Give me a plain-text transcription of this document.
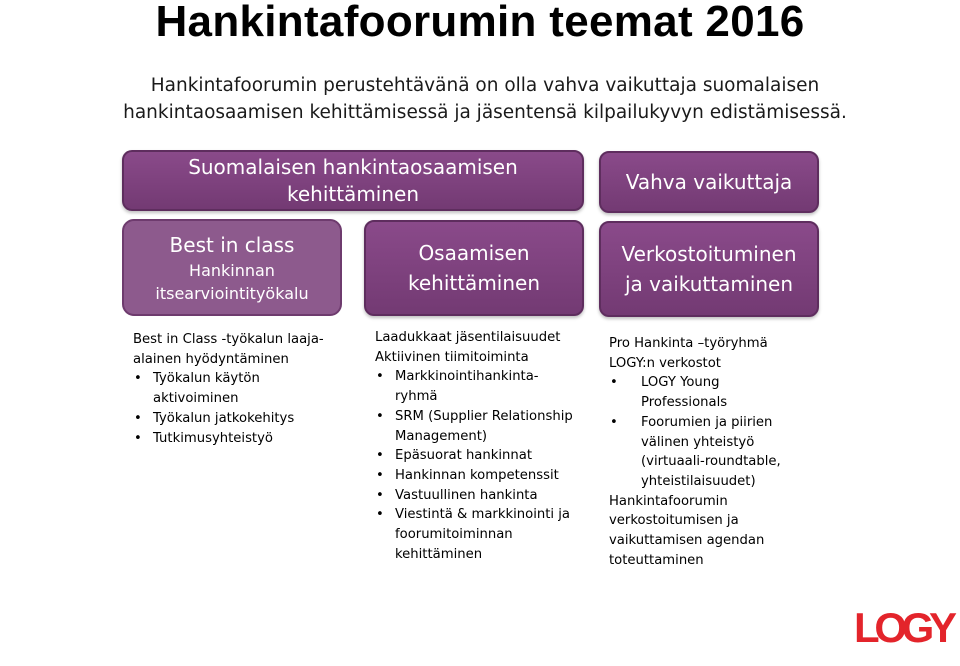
Hankintafoorumin teemat 2016
Hankintafoorumin perustehtävänä on olla vahva vaikuttaja suomalaisen
hankintaosaamisen kehittämisessä ja jäsentensä kilpailukyvyn edistämisessä.
Suomalaisen hankintaosaamisen
kehittäminen	Vahva vaikuttaja
Best in class
Hankinnan
itsearviointityökalu
Osaamisen
kehittäminen
Verkostoituminen
ja vaikuttaminen

Best in Class -työkalun laaja-

alainen hyödyntäminen

• Työkalun käytön aktivoiminen
• Työkalun jatkokehitys
• Tutkimusyhteistyö

Laadukkaat jäsentilaisuudet

Aktiivinen tiimitoiminta

• Markkinointihankinta-ryhmä
• SRM (Supplier Relationship Management)
• Epäsuorat hankinnat
• Hankinnan kompetenssit
• Vastuullinen hankinta
• Viestintä & markkinointi ja foorumitoiminnan kehittäminen

Pro Hankinta –työryhmä

LOGY:n verkostot

• LOGY Young Professionals
• Foorumien ja piirien välinen yhteistyö (virtuaali-roundtable, yhteistilaisuudet)

Hankintafoorumin

verkostoitumisen ja

vaikuttamisen agendan

toteuttaminen

LOGY
